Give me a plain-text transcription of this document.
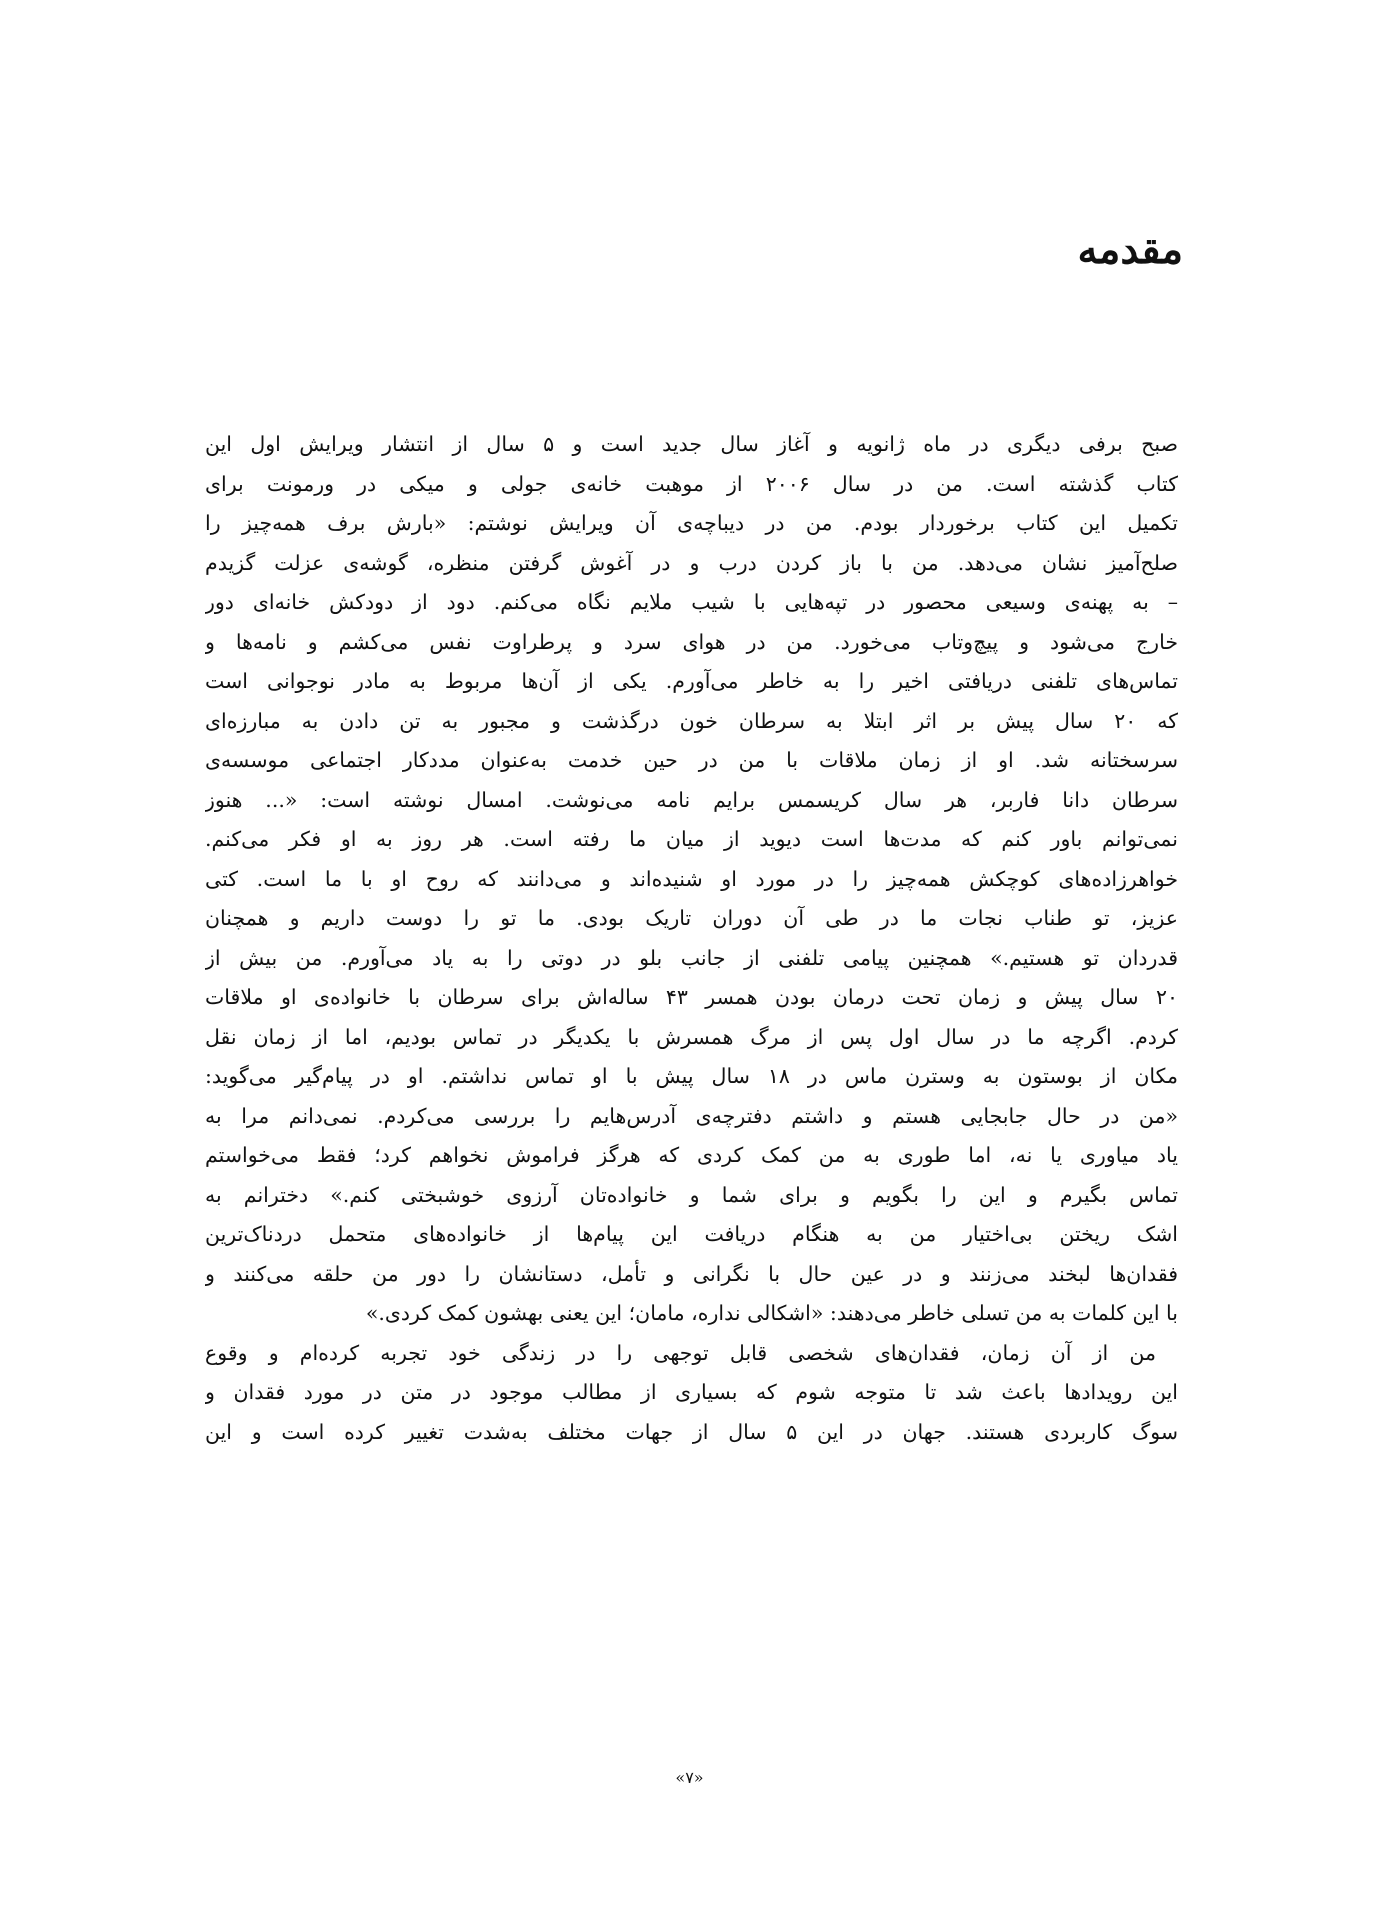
مقدمه
صبح برفی دیگری در ماه ژانویه و آغاز سال جدید است و ۵ سال از انتشار ویرایش اول این
کتاب گذشته است. من در سال ۲۰۰۶ از موهبت خانه‌ی جولی و میکی در ورمونت برای
تکمیل این کتاب برخوردار بودم. من در دیباچه‌ی آن ویرایش نوشتم: «بارش برف همه‌چیز را
صلح‌آمیز نشان می‌دهد. من با باز کردن درب و در آغوش گرفتن منظره، گوشه‌ی عزلت گزیدم
– به پهنه‌ی وسیعی محصور در تپه‌هایی با شیب ملایم نگاه می‌کنم. دود از دودکش خانه‌ای دور
خارج می‌شود و پیچ‌وتاب می‌خورد. من در هوای سرد و پرطراوت نفس می‌کشم و نامه‌ها و
تماس‌های تلفنی دریافتی اخیر را به خاطر می‌آورم. یکی از آن‌ها مربوط به مادر نوجوانی است
که ۲۰ سال پیش بر اثر ابتلا به سرطان خون درگذشت و مجبور به تن دادن به مبارزه‌ای
سرسختانه شد. او از زمان ملاقات با من در حین خدمت به‌عنوان مددکار اجتماعی موسسه‌ی
سرطان دانا فاربر، هر سال کریسمس برایم نامه می‌نوشت. امسال نوشته است: «... هنوز
نمی‌توانم باور کنم که مدت‌ها است دیوید از میان ما رفته است. هر روز به او فکر می‌کنم.
خواهرزاده‌های کوچکش همه‌چیز را در مورد او شنیده‌اند و می‌دانند که روح او با ما است. کتی
عزیز، تو طناب نجات ما در طی آن دوران تاریک بودی. ما تو را دوست داریم و همچنان
قدردان تو هستیم.» همچنین پیامی تلفنی از جانب بلو در دوتی را به یاد می‌آورم. من بیش از
۲۰ سال پیش و زمان تحت درمان بودن همسر ۴۳ ساله‌اش برای سرطان با خانواده‌ی او ملاقات
کردم. اگرچه ما در سال اول پس از مرگ همسرش با یکدیگر در تماس بودیم، اما از زمان نقل
مکان از بوستون به وسترن ماس در ۱۸ سال پیش با او تماس نداشتم. او در پیام‌گیر می‌گوید:
«من در حال جابجایی هستم و داشتم دفترچه‌ی آدرس‌هایم را بررسی می‌کردم. نمی‌دانم مرا به
یاد میاوری یا نه، اما طوری به من کمک کردی که هرگز فراموش نخواهم کرد؛ فقط می‌خواستم
تماس بگیرم و این را بگویم و برای شما و خانواده‌تان آرزوی خوشبختی کنم.» دخترانم به
اشک ریختن بی‌اختیار من به هنگام دریافت این پیام‌ها از خانواده‌های متحمل دردناک‌ترین
فقدان‌ها لبخند می‌زنند و در عین حال با نگرانی و تأمل، دستانشان را دور من حلقه می‌کنند و
با این کلمات به من تسلی خاطر می‌دهند: «اشکالی نداره، مامان؛ این یعنی بهشون کمک کردی.»
من از آن زمان، فقدان‌های شخصی قابل توجهی را در زندگی خود تجربه کرده‌ام و وقوع
این رویدادها باعث شد تا متوجه شوم که بسیاری از مطالب موجود در متن در مورد فقدان و
سوگ کاربردی هستند. جهان در این ۵ سال از جهات مختلف به‌شدت تغییر کرده است و این
«۷»
